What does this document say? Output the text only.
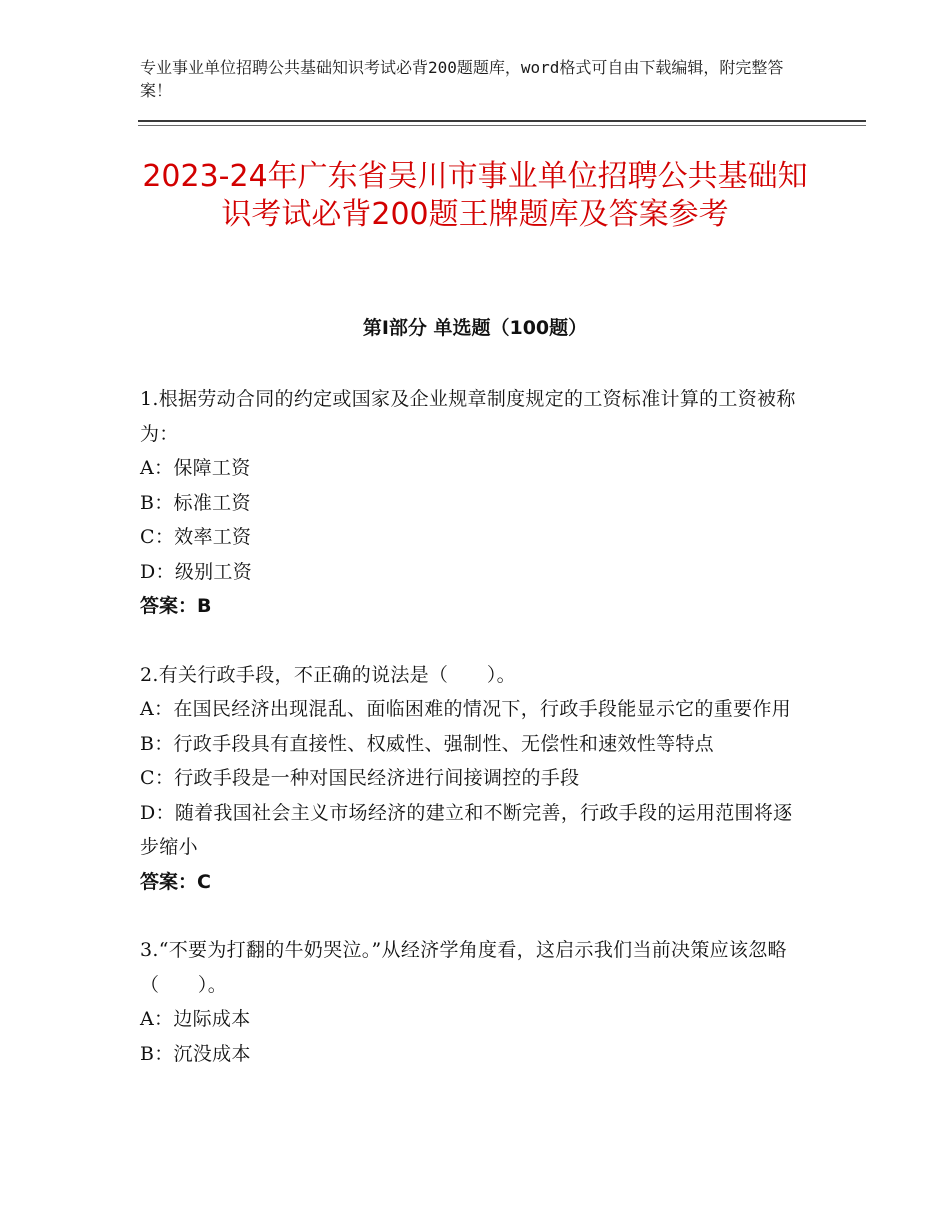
专业事业单位招聘公共基础知识考试必背200题题库，word格式可自由下载编辑，附完整答案！
2023-24年广东省吴川市事业单位招聘公共基础知识考试必背200题王牌题库及答案参考
第Ⅰ部分 单选题（100题）

1.根据劳动合同的约定或国家及企业规章制度规定的工资标准计算的工资被称为：

A：保障工资

B：标准工资

C：效率工资

D：级别工资

答案：B

2.有关行政手段，不正确的说法是（　　）。

A：在国民经济出现混乱、面临困难的情况下，行政手段能显示它的重要作用

B：行政手段具有直接性、权威性、强制性、无偿性和速效性等特点

C：行政手段是一种对国民经济进行间接调控的手段

D：随着我国社会主义市场经济的建立和不断完善，行政手段的运用范围将逐步缩小

答案：C

3.“不要为打翻的牛奶哭泣。”从经济学角度看，这启示我们当前决策应该忽略（　　）。

A：边际成本

B：沉没成本
